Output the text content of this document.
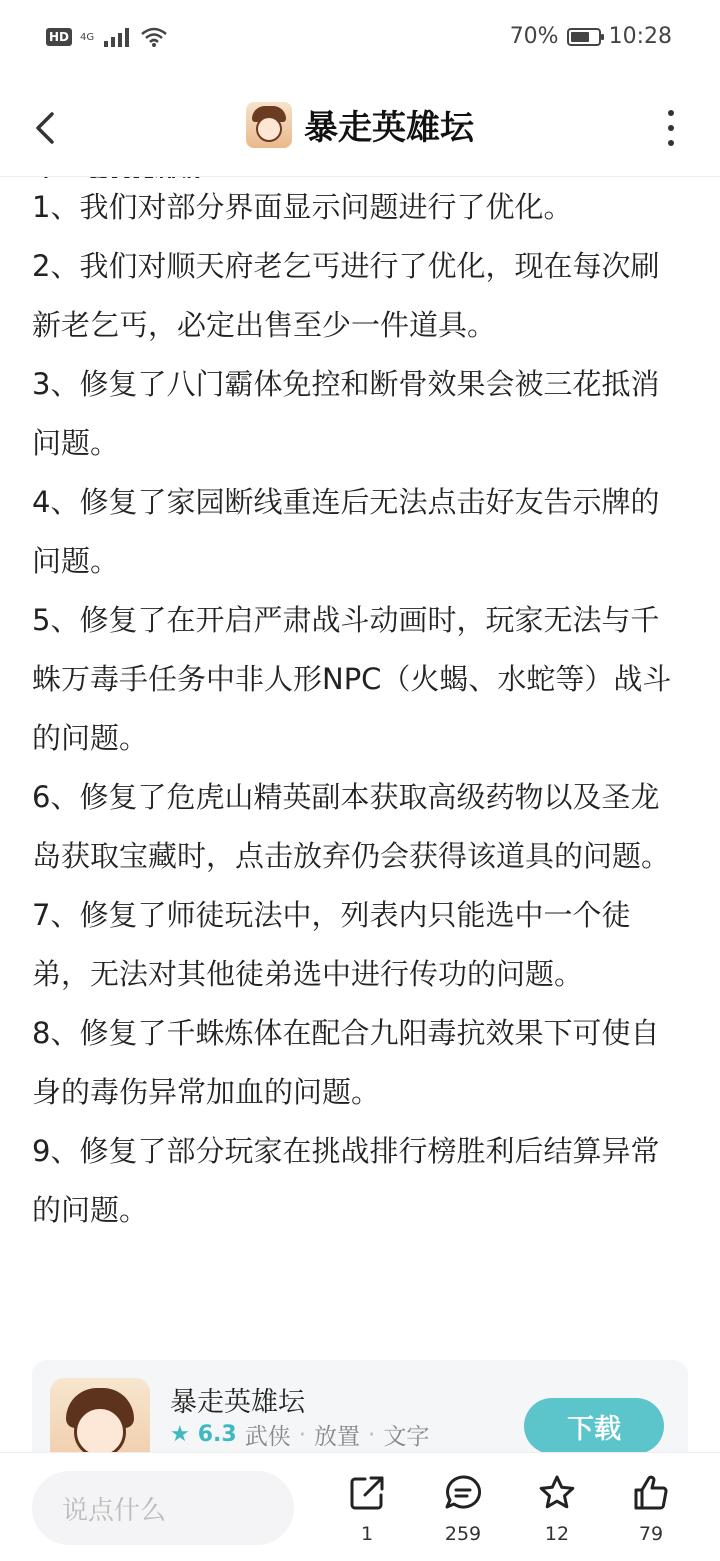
HD	4G	70% 10:28
暴走英雄坛

1、我们对部分界面显示问题进行了优化。

2、我们对顺天府老乞丐进行了优化，现在每次刷新老乞丐，必定出售至少一件道具。

3、修复了八门霸体免控和断骨效果会被三花抵消问题。

4、修复了家园断线重连后无法点击好友告示牌的问题。

5、修复了在开启严肃战斗动画时，玩家无法与千蛛万毒手任务中非人形NPC（火蝎、水蛇等）战斗的问题。

6、修复了危虎山精英副本获取高级药物以及圣龙岛获取宝藏时，点击放弃仍会获得该道具的问题。

7、修复了师徒玩法中，列表内只能选中一个徒弟，无法对其他徒弟选中进行传功的问题。

8、修复了千蛛炼体在配合九阳毒抗效果下可使自身的毒伤异常加血的问题。

9、修复了部分玩家在挑战排行榜胜利后结算异常的问题。

暴走英雄坛
★ 6.3 武侠 · 放置 · 文字	下载
说点什么
1	259	12	79
